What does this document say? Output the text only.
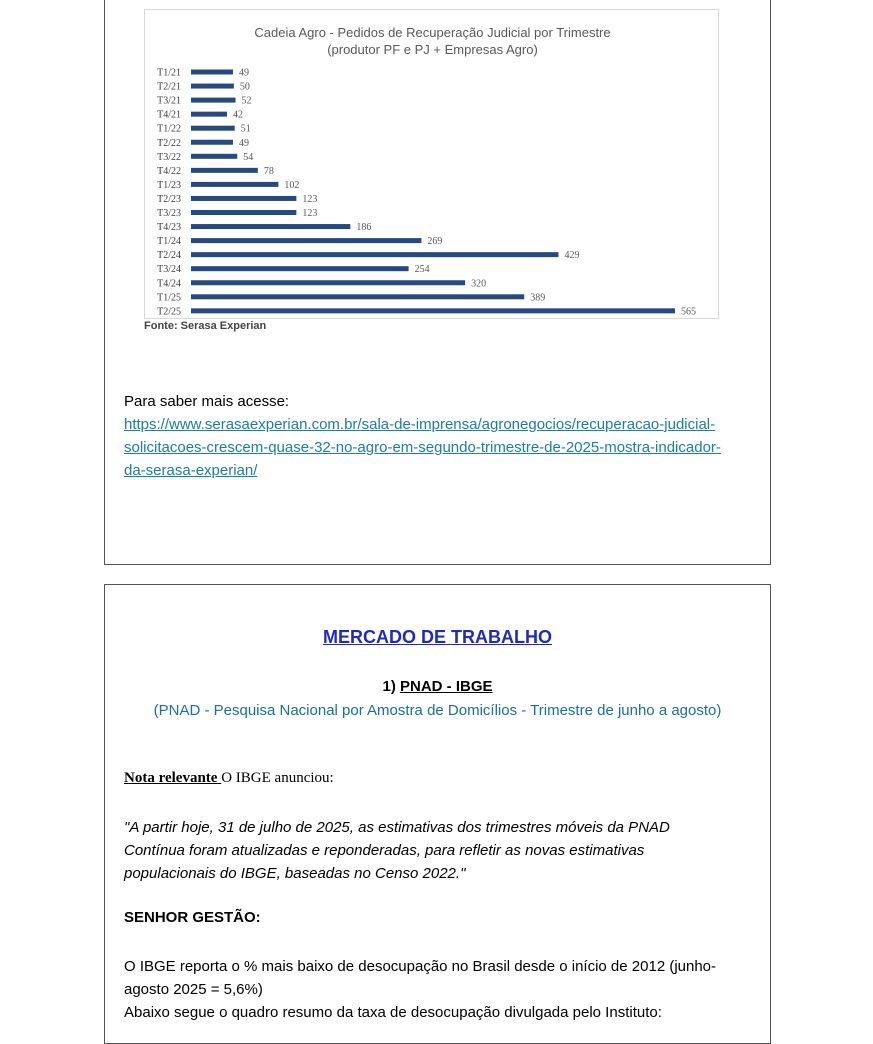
Cadeia Agro - Pedidos de Recuperação Judicial por Trimestre
(produtor PF e PJ + Empresas Agro)
T1/21	49
T2/21	50
T3/21	52
T4/21	42
T1/22	51
T2/22	49
T3/22	54
T4/22	78
T1/23	102
T2/23	123
T3/23	123
T4/23	186
T1/24	269
T2/24	429
T3/24	254
T4/24	320
T1/25	389
T2/25	565
Fonte: Serasa Experian
Para saber mais acesse:
https://www.serasaexperian.com.br/sala-de-imprensa/agronegocios/recuperacao-judicial-
solicitacoes-crescem-quase-32-no-agro-em-segundo-trimestre-de-2025-mostra-indicador-
da-serasa-experian/
MERCADO DE TRABALHO
1) PNAD - IBGE
(PNAD - Pesquisa Nacional por Amostra de Domicílios - Trimestre de junho a agosto)
Nota relevante O IBGE anunciou:
"A partir hoje, 31 de julho de 2025, as estimativas dos trimestres móveis da PNAD
Contínua foram atualizadas e reponderadas, para refletir as novas estimativas
populacionais do IBGE, baseadas no Censo 2022."
SENHOR GESTÃO:
O IBGE reporta o % mais baixo de desocupação no Brasil desde o início de 2012 (junho-
agosto 2025 = 5,6%)
Abaixo segue o quadro resumo da taxa de desocupação divulgada pelo Instituto:
